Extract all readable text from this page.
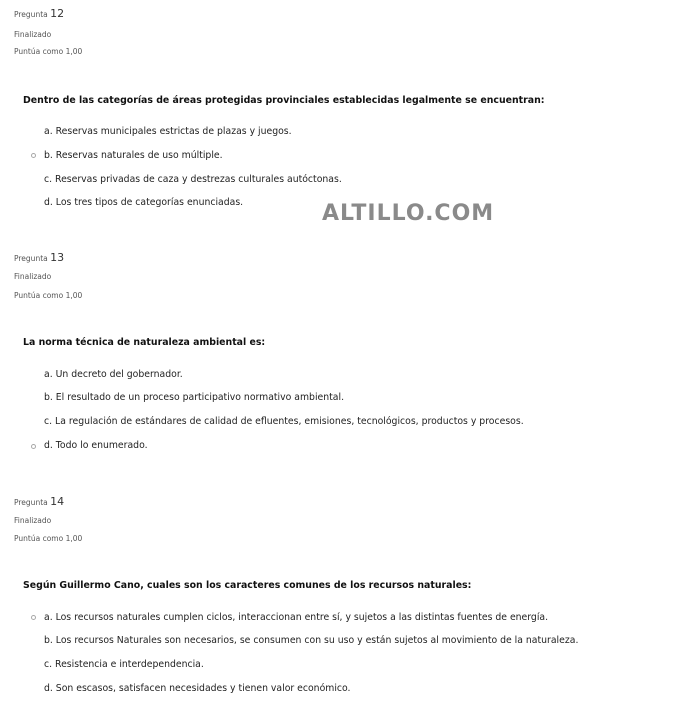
Pregunta 12
Finalizado
Puntúa como 1,00
Dentro de las categorías de áreas protegidas provinciales establecidas legalmente se encuentran:
a. Reservas municipales estrictas de plazas y juegos.
b. Reservas naturales de uso múltiple.
c. Reservas privadas de caza y destrezas culturales autóctonas.
d. Los tres tipos de categorías enunciadas.	ALTILLO.COM
Pregunta 13
Finalizado
Puntúa como 1,00
La norma técnica de naturaleza ambiental es:
a. Un decreto del gobernador.
b. El resultado de un proceso participativo normativo ambiental.
c. La regulación de estándares de calidad de efluentes, emisiones, tecnológicos, productos y procesos.
d. Todo lo enumerado.
Pregunta 14
Finalizado
Puntúa como 1,00
Según Guillermo Cano, cuales son los caracteres comunes de los recursos naturales:
a. Los recursos naturales cumplen ciclos, interaccionan entre sí, y sujetos a las distintas fuentes de energía.
b. Los recursos Naturales son necesarios, se consumen con su uso y están sujetos al movimiento de la naturaleza.
c. Resistencia e interdependencia.
d. Son escasos, satisfacen necesidades y tienen valor económico.
